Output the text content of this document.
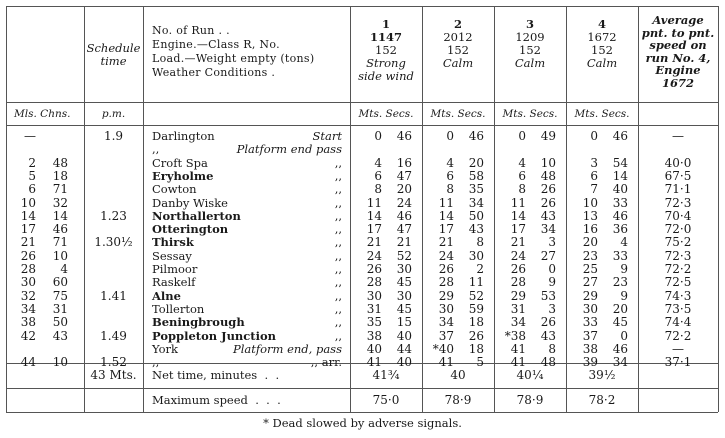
Schedule
time
No. of Run . .
Engine.—Class R, No.
Load.—Weight empty (tons)
Weather Conditions .
1
1147
152
Strong
side wind
2
2012
152
Calm
3
1209
152
Calm
4
1672
152
Calm
Average
pnt. to pnt.
speed on
run No. 4,
Engine
1672
Mls. Chns.	p.m.	Mts. Secs.	Mts. Secs.	Mts. Secs.	Mts. Secs.
—	1.9	Darlington	Start	0	46	0	46	0	49	0	46	—
,,	Platform end pass
2	48	Croft Spa	,,	4	16	4	20	4	10	3	54	40·0
5	18	Eryholme	,,	6	47	6	58	6	48	6	14	67·5
6	71	Cowton	,,	8	20	8	35	8	26	7	40	71·1
10	32	Danby Wiske	,,	11	24	11	34	11	26	10	33	72·3
14	14	1.23	Northallerton	,,	14	46	14	50	14	43	13	46	70·4
17	46	Otterington	,,	17	47	17	43	17	34	16	36	72·0
21	71	1.30½	Thirsk	,,	21	21	21	8	21	3	20	4	75·2
26	10	Sessay	,,	24	52	24	30	24	27	23	33	72·3
28	4	Pilmoor	,,	26	30	26	2	26	0	25	9	72·2
30	60	Raskelf	,,	28	45	28	11	28	9	27	23	72·5
32	75	1.41	Alne	,,	30	30	29	52	29	53	29	9	74·3
34	31	Tollerton	,,	31	45	30	59	31	3	30	20	73·5
38	50	Beningbrough	,,	35	15	34	18	34	26	33	45	74·4
42	43	1.49	Poppleton Junction	,,	38	40	37	26	*38	43	37	0	72·2
York	Platform end, pass	40	44	*40	18	41	8	38	46	—
44	10	1.52	,,	,, arr.	41	40	41	5	41	48	39	34	37·1
43 Mts.	Net time, minutes  .  .	41¾	40	40¼	39½
Maximum speed  .  .  .	75·0	78·9	78·9	78·2
* Dead slowed by adverse signals.
